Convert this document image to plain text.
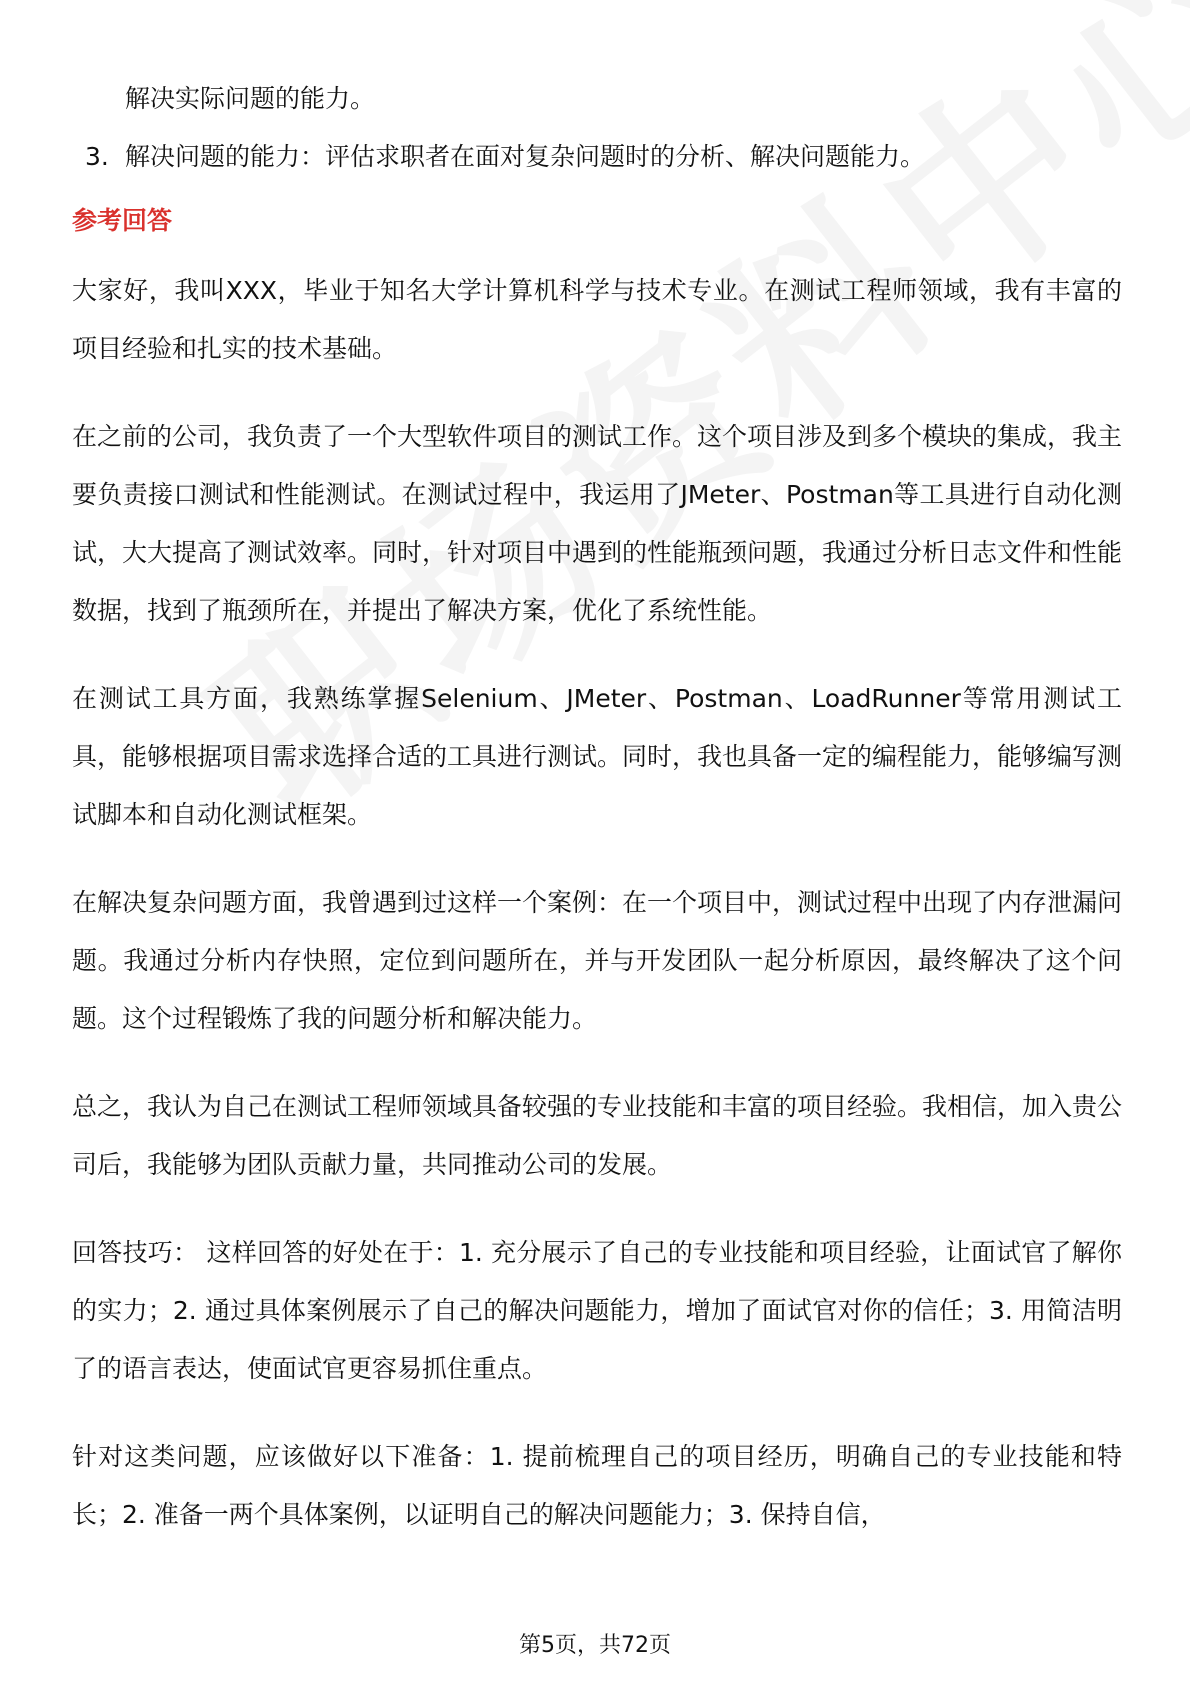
解决实际问题的能力。

3. 解决问题的能力：评估求职者在面对复杂问题时的分析、解决问题能力。
参考回答

大家好，我叫XXX，毕业于知名大学计算机科学与技术专业。在测试工程师领域，我有丰富的项目经验和扎实的技术基础。

在之前的公司，我负责了一个大型软件项目的测试工作。这个项目涉及到多个模块的集成，我主要负责接口测试和性能测试。在测试过程中，我运用了JMeter、Postman等工具进行自动化测试，大大提高了测试效率。同时，针对项目中遇到的性能瓶颈问题，我通过分析日志文件和性能数据，找到了瓶颈所在，并提出了解决方案，优化了系统性能。

在测试工具方面，我熟练掌握Selenium、JMeter、Postman、LoadRunner等常用测试工具，能够根据项目需求选择合适的工具进行测试。同时，我也具备一定的编程能力，能够编写测试脚本和自动化测试框架。

在解决复杂问题方面，我曾遇到过这样一个案例：在一个项目中，测试过程中出现了内存泄漏问题。我通过分析内存快照，定位到问题所在，并与开发团队一起分析原因，最终解决了这个问题。这个过程锻炼了我的问题分析和解决能力。

总之，我认为自己在测试工程师领域具备较强的专业技能和丰富的项目经验。我相信，加入贵公司后，我能够为团队贡献力量，共同推动公司的发展。

回答技巧： 这样回答的好处在于：1. 充分展示了自己的专业技能和项目经验，让面试官了解你的实力；2. 通过具体案例展示了自己的解决问题能力，增加了面试官对你的信任；3. 用简洁明了的语言表达，使面试官更容易抓住重点。

针对这类问题，应该做好以下准备：1. 提前梳理自己的项目经历，明确自己的专业技能和特长；2. 准备一两个具体案例，以证明自己的解决问题能力；3. 保持自信，

第5页，共72页
